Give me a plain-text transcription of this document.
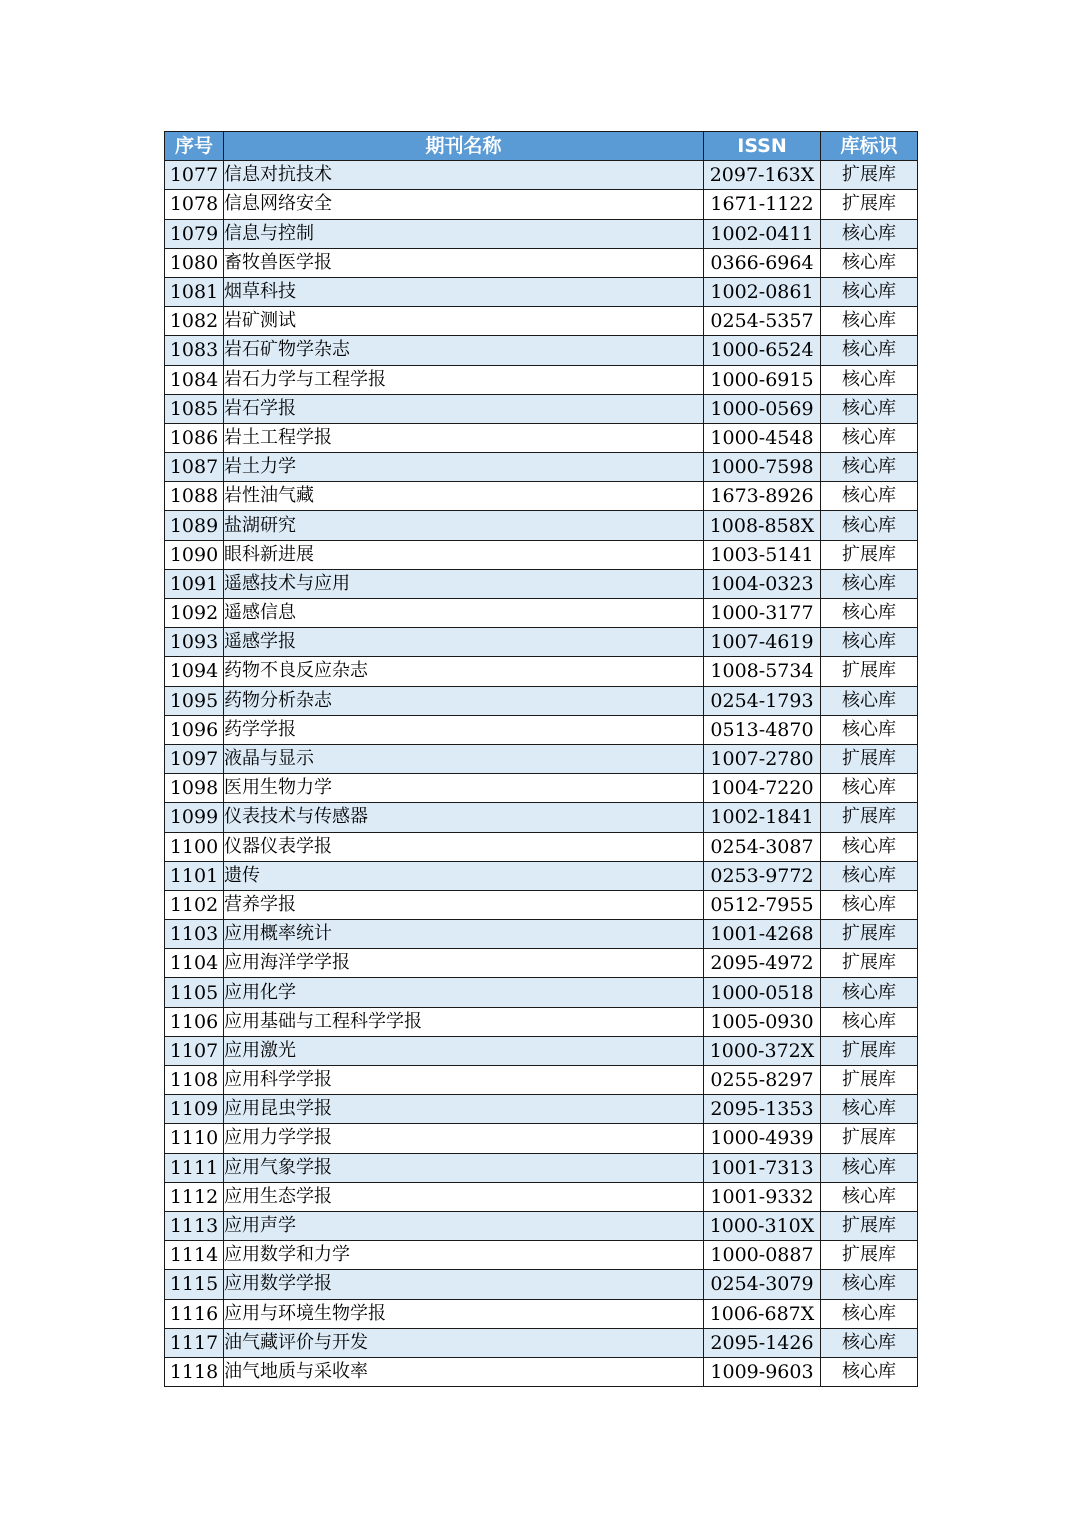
序号	期刊名称	ISSN	库标识
1077	信息对抗技术	2097-163X	扩展库
1078	信息网络安全	1671-1122	扩展库
1079	信息与控制	1002-0411	核心库
1080	畜牧兽医学报	0366-6964	核心库
1081	烟草科技	1002-0861	核心库
1082	岩矿测试	0254-5357	核心库
1083	岩石矿物学杂志	1000-6524	核心库
1084	岩石力学与工程学报	1000-6915	核心库
1085	岩石学报	1000-0569	核心库
1086	岩土工程学报	1000-4548	核心库
1087	岩土力学	1000-7598	核心库
1088	岩性油气藏	1673-8926	核心库
1089	盐湖研究	1008-858X	核心库
1090	眼科新进展	1003-5141	扩展库
1091	遥感技术与应用	1004-0323	核心库
1092	遥感信息	1000-3177	核心库
1093	遥感学报	1007-4619	核心库
1094	药物不良反应杂志	1008-5734	扩展库
1095	药物分析杂志	0254-1793	核心库
1096	药学学报	0513-4870	核心库
1097	液晶与显示	1007-2780	扩展库
1098	医用生物力学	1004-7220	核心库
1099	仪表技术与传感器	1002-1841	扩展库
1100	仪器仪表学报	0254-3087	核心库
1101	遗传	0253-9772	核心库
1102	营养学报	0512-7955	核心库
1103	应用概率统计	1001-4268	扩展库
1104	应用海洋学学报	2095-4972	扩展库
1105	应用化学	1000-0518	核心库
1106	应用基础与工程科学学报	1005-0930	核心库
1107	应用激光	1000-372X	扩展库
1108	应用科学学报	0255-8297	扩展库
1109	应用昆虫学报	2095-1353	核心库
1110	应用力学学报	1000-4939	扩展库
1111	应用气象学报	1001-7313	核心库
1112	应用生态学报	1001-9332	核心库
1113	应用声学	1000-310X	扩展库
1114	应用数学和力学	1000-0887	扩展库
1115	应用数学学报	0254-3079	核心库
1116	应用与环境生物学报	1006-687X	核心库
1117	油气藏评价与开发	2095-1426	核心库
1118	油气地质与采收率	1009-9603	核心库
